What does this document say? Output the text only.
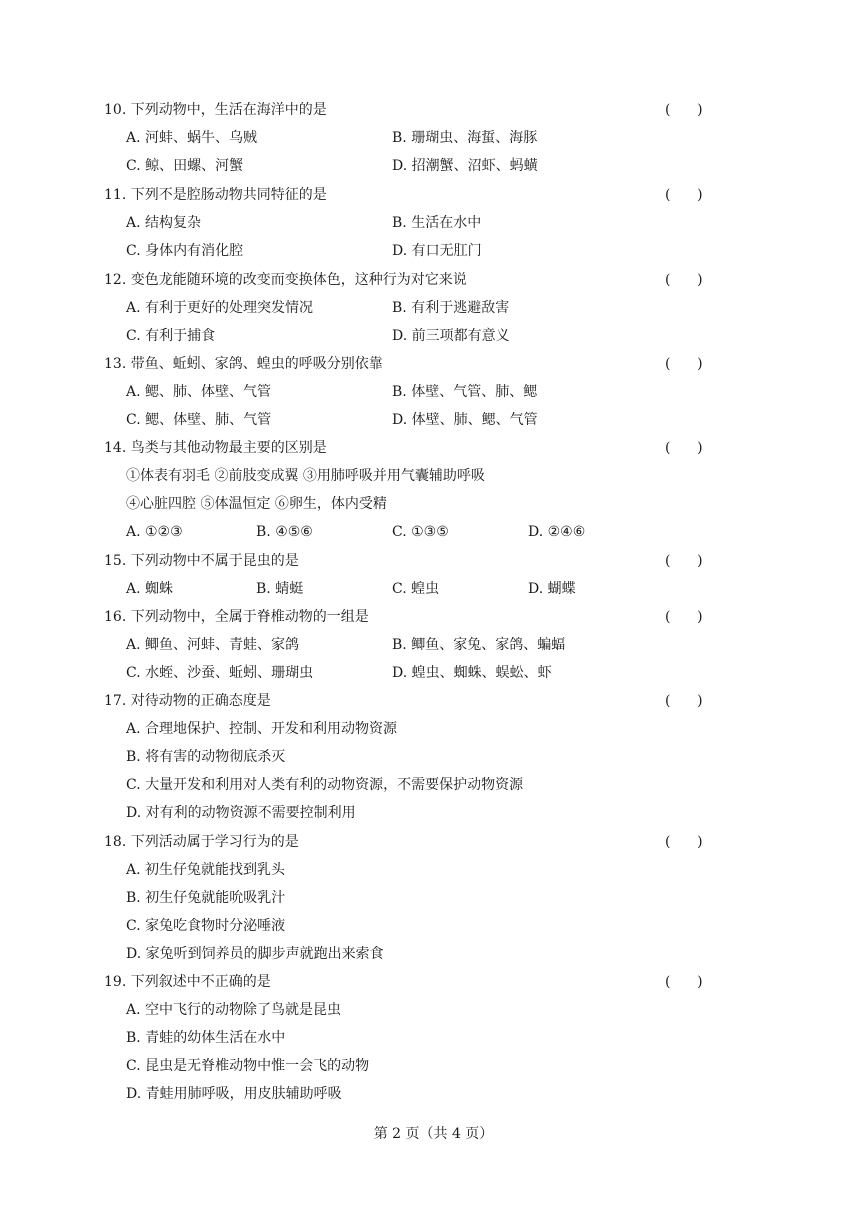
10. 下列动物中，生活在海洋中的是	(      )
A. 河蚌、蜗牛、乌贼	B. 珊瑚虫、海蜇、海豚
C. 鲸、田螺、河蟹	D. 招潮蟹、沼虾、蚂蟥
11. 下列不是腔肠动物共同特征的是	(      )
A. 结构复杂	B. 生活在水中
C. 身体内有消化腔	D. 有口无肛门
12. 变色龙能随环境的改变而变换体色，这种行为对它来说	(      )
A. 有利于更好的处理突发情况	B. 有利于逃避敌害
C. 有利于捕食	D. 前三项都有意义
13. 带鱼、蚯蚓、家鸽、蝗虫的呼吸分别依靠	(      )
A. 鳃、肺、体壁、气管	B. 体壁、气管、肺、鳃
C. 鳃、体壁、肺、气管	D. 体壁、肺、鳃、气管
14. 鸟类与其他动物最主要的区别是	(      )
①体表有羽毛 ②前肢变成翼 ③用肺呼吸并用气囊辅助呼吸
④心脏四腔 ⑤体温恒定 ⑥卵生，体内受精
A. ①②③	B. ④⑤⑥	C. ①③⑤	D. ②④⑥
15. 下列动物中不属于昆虫的是	(      )
A. 蜘蛛	B. 蜻蜓	C. 蝗虫	D. 蝴蝶
16. 下列动物中，全属于脊椎动物的一组是	(      )
A. 鲫鱼、河蚌、青蛙、家鸽	B. 鲫鱼、家兔、家鸽、蝙蝠
C. 水蛭、沙蚕、蚯蚓、珊瑚虫	D. 蝗虫、蜘蛛、蜈蚣、虾
17. 对待动物的正确态度是	(      )
A. 合理地保护、控制、开发和利用动物资源
B. 将有害的动物彻底杀灭
C. 大量开发和利用对人类有利的动物资源，不需要保护动物资源
D. 对有利的动物资源不需要控制利用
18. 下列活动属于学习行为的是	(      )
A. 初生仔兔就能找到乳头
B. 初生仔兔就能吮吸乳汁
C. 家兔吃食物时分泌唾液
D. 家兔听到饲养员的脚步声就跑出来索食
19. 下列叙述中不正确的是	(      )
A. 空中飞行的动物除了鸟就是昆虫
B. 青蛙的幼体生活在水中
C. 昆虫是无脊椎动物中惟一会飞的动物
D. 青蛙用肺呼吸，用皮肤辅助呼吸
第 2 页（共 4 页）
